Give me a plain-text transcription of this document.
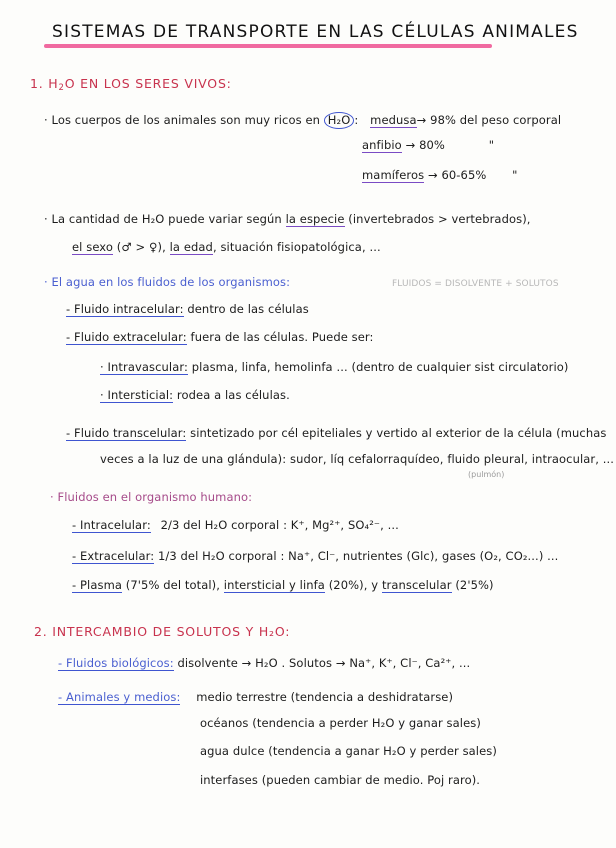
SISTEMAS DE TRANSPORTE EN LAS CÉLULAS ANIMALES
1. $H_2O$ EN LOS SERES VIVOS:
· Los cuerpos de los animales son muy ricos en H₂O : medusa→ 98% del peso corporal
anfibio → 80%	"
mamíferos → 60-65% "
· La cantidad de H₂O puede variar según la especie (invertebrados > vertebrados),
el sexo (♂ > ♀), la edad, situación fisiopatológica, ...
· El agua en los fluidos de los organismos:	FLUIDOS = DISOLVENTE + SOLUTOS
- Fluido intracelular: dentro de las células
- Fluido extracelular: fuera de las células. Puede ser:
· Intravascular: plasma, linfa, hemolinfa ... (dentro de cualquier sist circulatorio)
· Intersticial: rodea a las células.
- Fluido transcelular: sintetizado por cél epiteliales y vertido al exterior de la célula (muchas
veces a la luz de una glándula): sudor, líq cefalorraquídeo, fluido pleural, intraocular, ...
(pulmón)
· Fluidos en el organismo humano:
- Intracelular: 2/3 del H₂O corporal : K⁺, Mg²⁺, SO₄²⁻, ...
- Extracelular: 1/3 del H₂O corporal : Na⁺, Cl⁻, nutrientes (Glc), gases (O₂, CO₂...) ...
- Plasma (7'5% del total), intersticial y linfa (20%), y transcelular (2'5%)
2. INTERCAMBIO DE SOLUTOS Y H₂O:
- Fluidos biológicos: disolvente → H₂O . Solutos → Na⁺, K⁺, Cl⁻, Ca²⁺, ...
- Animales y medios: medio terrestre (tendencia a deshidratarse)
océanos (tendencia a perder H₂O y ganar sales)
agua dulce (tendencia a ganar H₂O y perder sales)
interfases (pueden cambiar de medio. Poj raro).
